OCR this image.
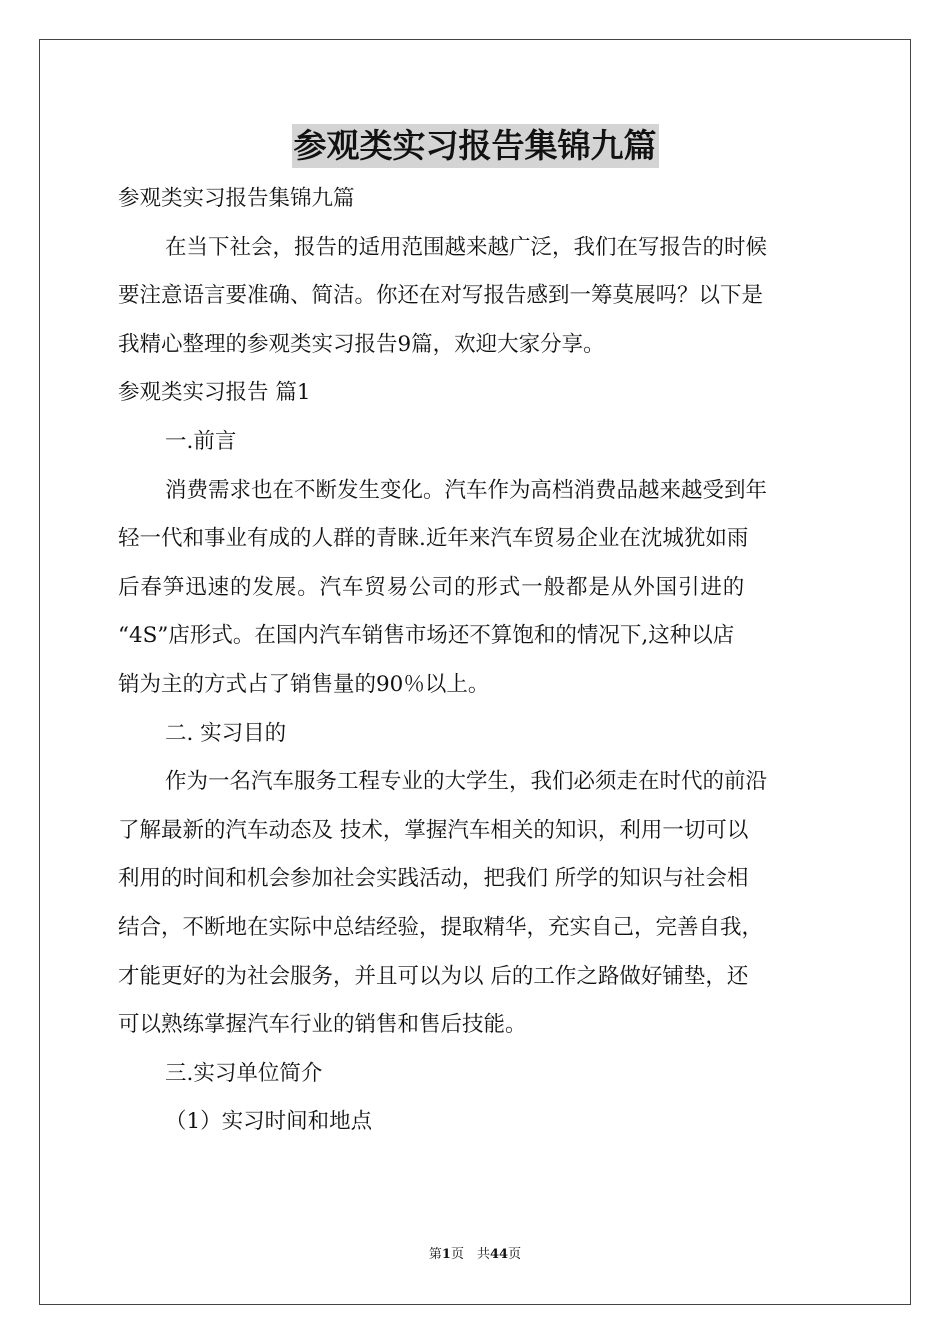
参观类实习报告集锦九篇

参观类实习报告集锦九篇

在当下社会，报告的适用范围越来越广泛，我们在写报告的时候

要注意语言要准确、简洁。你还在对写报告感到一筹莫展吗？以下是

我精心整理的参观类实习报告9篇，欢迎大家分享。

参观类实习报告 篇1

一.前言

消费需求也在不断发生变化。汽车作为高档消费品越来越受到年

轻一代和事业有成的人群的青睐.近年来汽车贸易企业在沈城犹如雨

后春笋迅速的发展。汽车贸易公司的形式一般都是从外国引进的

“4S”店形式。在国内汽车销售市场还不算饱和的情况下,这种以店

销为主的方式占了销售量的90％以上。

二. 实习目的

作为一名汽车服务工程专业的大学生，我们必须走在时代的前沿

了解最新的汽车动态及 技术，掌握汽车相关的知识，利用一切可以

利用的时间和机会参加社会实践活动，把我们 所学的知识与社会相

结合，不断地在实际中总结经验，提取精华，充实自己，完善自我，

才能更好的为社会服务，并且可以为以 后的工作之路做好铺垫，还

可以熟练掌握汽车行业的销售和售后技能。

三.实习单位简介

（1）实习时间和地点

第1页　共44页
